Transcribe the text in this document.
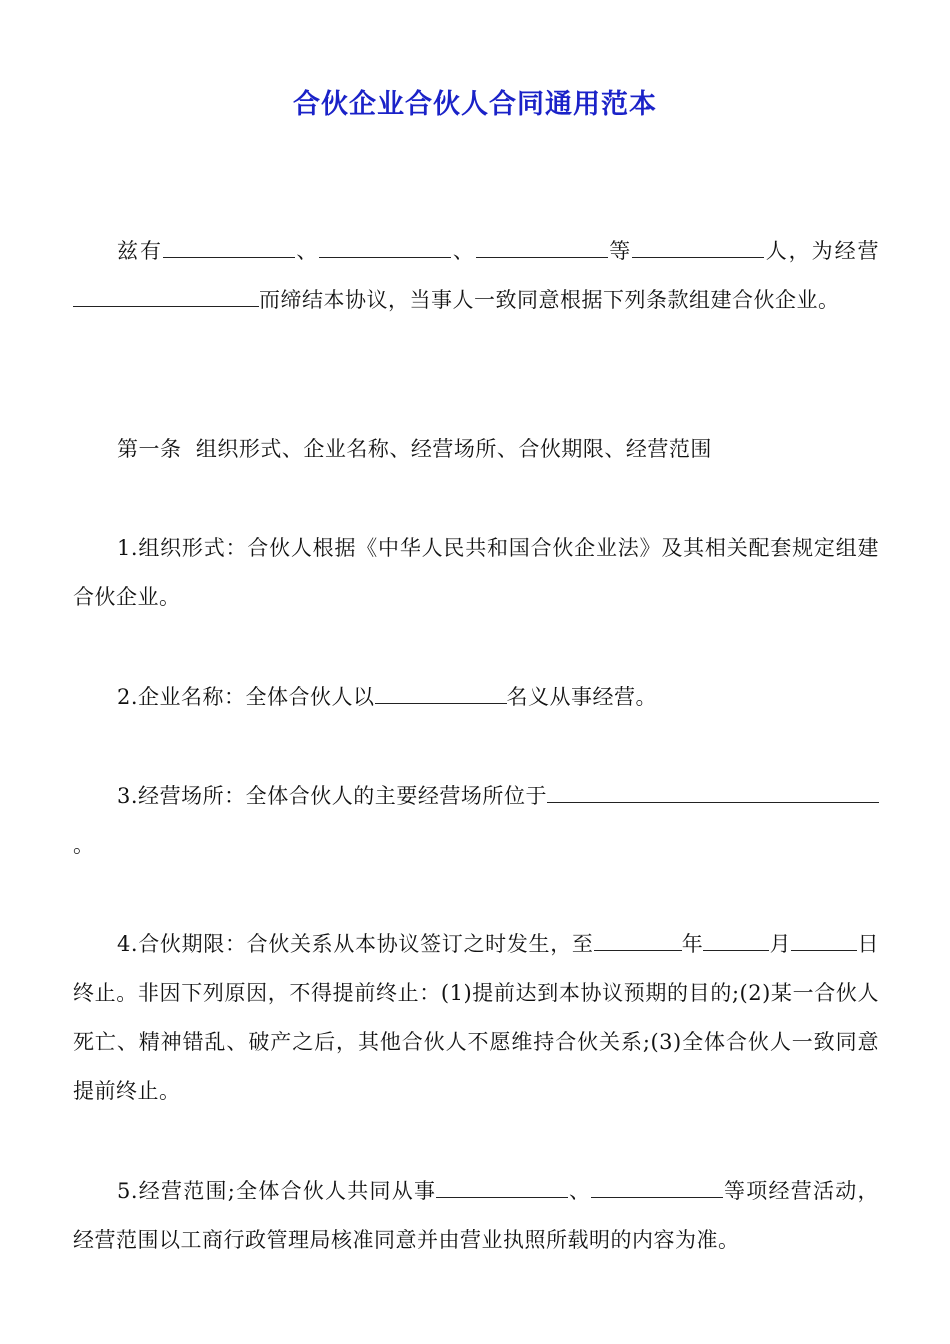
合伙企业合伙人合同通用范本
兹有	、	、	等	人，为经营而缔结本协议，当事人一致同意根据下列条款组建合伙企业。
第一条  组织形式、企业名称、经营场所、合伙期限、经营范围
1.组织形式：合伙人根据《中华人民共和国合伙企业法》及其相关配套规定组建合伙企业。
2.企业名称：全体合伙人以	名义从事经营。
3.经营场所：全体合伙人的主要经营场所位于。
4.合伙期限：合伙关系从本协议签订之时发生，至	年	月	日终止。非因下列原因，不得提前终止：(1)提前达到本协议预期的目的;(2)某一合伙人死亡、精神错乱、破产之后，其他合伙人不愿维持合伙关系;(3)全体合伙人一致同意提前终止。
5.经营范围;全体合伙人共同从事	、	等项经营活动，经营范围以工商行政管理局核准同意并由营业执照所载明的内容为准。
